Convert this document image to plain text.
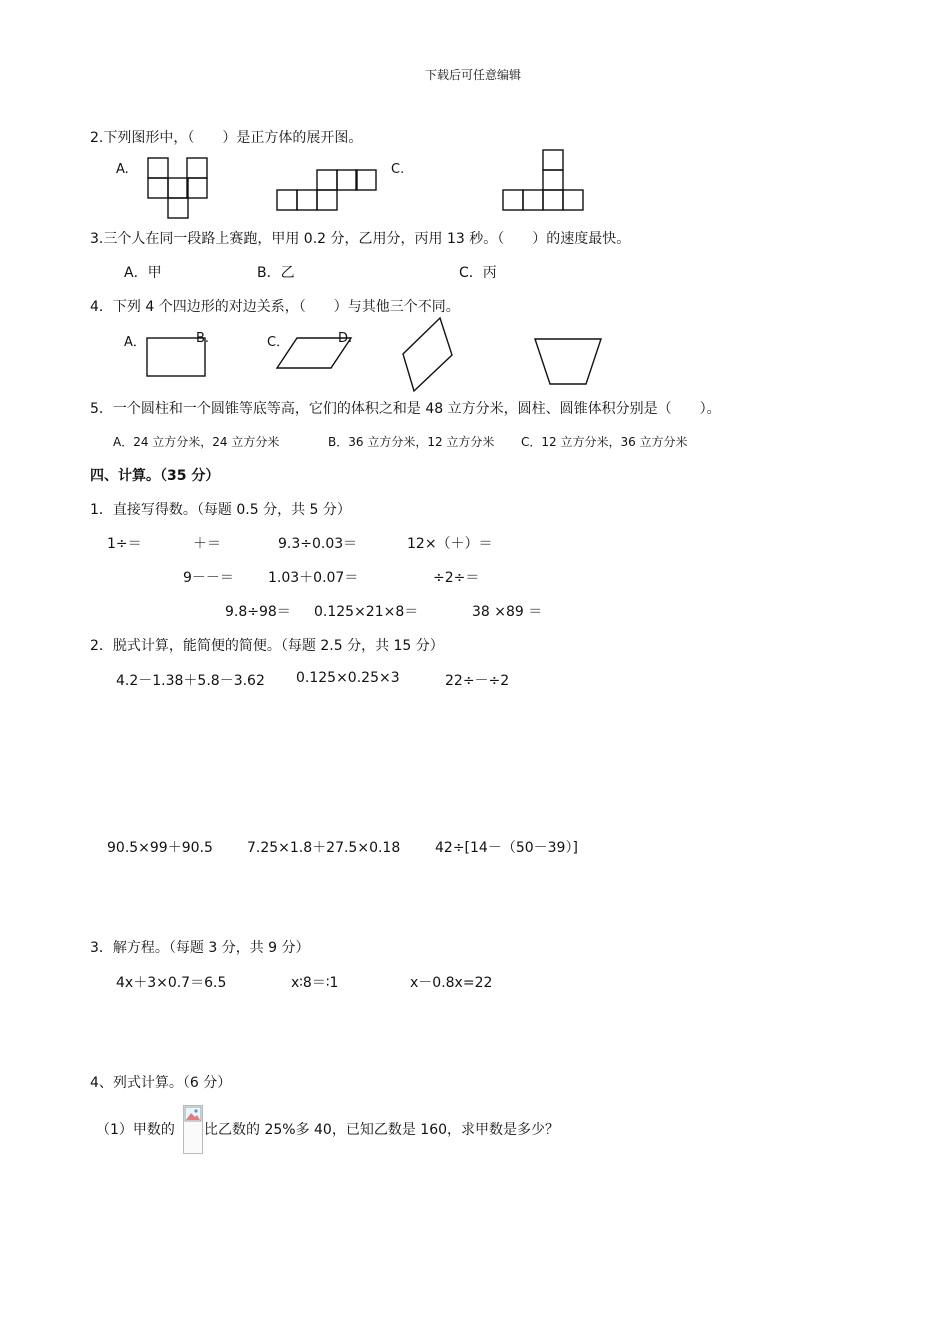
下载后可任意编辑
2.下列图形中，（　　）是正方体的展开图。
A.	C.
3.三个人在同一段路上赛跑，甲用 0.2 分，乙用分，丙用 13 秒。（　　）的速度最快。
A．甲	B．乙	C．丙
4．下列 4 个四边形的对边关系，（　　）与其他三个不同。
A．	B.	C．	D.
5．一个圆柱和一个圆锥等底等高，它们的体积之和是 48 立方分米，圆柱、圆锥体积分别是（　　）。
A．24 立方分米，24 立方分米	B．36 立方分米，12 立方分米 C．12 立方分米，36 立方分米
四、计算。（35 分）
1．直接写得数。（每题 0.5 分，共 5 分）
1÷＝	＋＝	9.3÷0.03＝	12×（＋）＝
9－－＝ 1.03＋0.07＝	÷2÷＝
9.8÷98＝ 0.125×21×8＝	38 ×89 ＝
2．脱式计算，能简便的简便。（每题 2.5 分，共 15 分）
4.2－1.38＋5.8－3.62 0.125×0.25×3	22÷－÷2
90.5×99＋90.5 7.25×1.8＋27.5×0.18 42÷[14－（50－39）]
3．解方程。（每题 3 分，共 9 分）
4x＋3×0.7＝6.5	x∶8＝∶1	x－0.8x=22
4、列式计算。（6 分）
（1）甲数的 比乙数的 25%多 40，已知乙数是 160，求甲数是多少？
